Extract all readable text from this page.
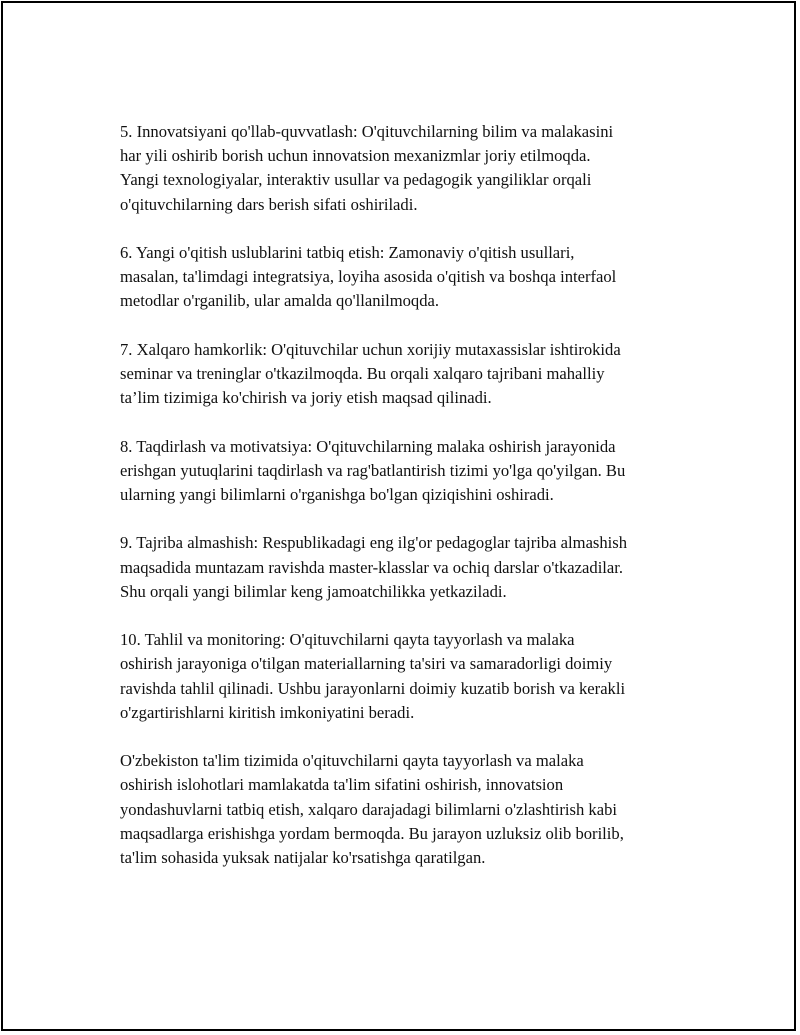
5. Innovatsiyani qo'llab-quvvatlash: O'qituvchilarning bilim va malakasini
har yili oshirib borish uchun innovatsion mexanizmlar joriy etilmoqda.
Yangi texnologiyalar, interaktiv usullar va pedagogik yangiliklar orqali
o'qituvchilarning dars berish sifati oshiriladi.
6. Yangi o'qitish uslublarini tatbiq etish: Zamonaviy o'qitish usullari,
masalan, ta'limdagi integratsiya, loyiha asosida o'qitish va boshqa interfaol
metodlar o'rganilib, ular amalda qo'llanilmoqda.
7. Xalqaro hamkorlik: O'qituvchilar uchun xorijiy mutaxassislar ishtirokida
seminar va treninglar o'tkazilmoqda. Bu orqali xalqaro tajribani mahalliy
ta’lim tizimiga ko'chirish va joriy etish maqsad qilinadi.
8. Taqdirlash va motivatsiya: O'qituvchilarning malaka oshirish jarayonida
erishgan yutuqlarini taqdirlash va rag'batlantirish tizimi yo'lga qo'yilgan. Bu
ularning yangi bilimlarni o'rganishga bo'lgan qiziqishini oshiradi.
9. Tajriba almashish: Respublikadagi eng ilg'or pedagoglar tajriba almashish
maqsadida muntazam ravishda master-klasslar va ochiq darslar o'tkazadilar.
Shu orqali yangi bilimlar keng jamoatchilikka yetkaziladi.
10. Tahlil va monitoring: O'qituvchilarni qayta tayyorlash va malaka
oshirish jarayoniga o'tilgan materiallarning ta'siri va samaradorligi doimiy
ravishda tahlil qilinadi. Ushbu jarayonlarni doimiy kuzatib borish va kerakli
o'zgartirishlarni kiritish imkoniyatini beradi.
O'zbekiston ta'lim tizimida o'qituvchilarni qayta tayyorlash va malaka
oshirish islohotlari mamlakatda ta'lim sifatini oshirish, innovatsion
yondashuvlarni tatbiq etish, xalqaro darajadagi bilimlarni o'zlashtirish kabi
maqsadlarga erishishga yordam bermoqda. Bu jarayon uzluksiz olib borilib,
ta'lim sohasida yuksak natijalar ko'rsatishga qaratilgan.
